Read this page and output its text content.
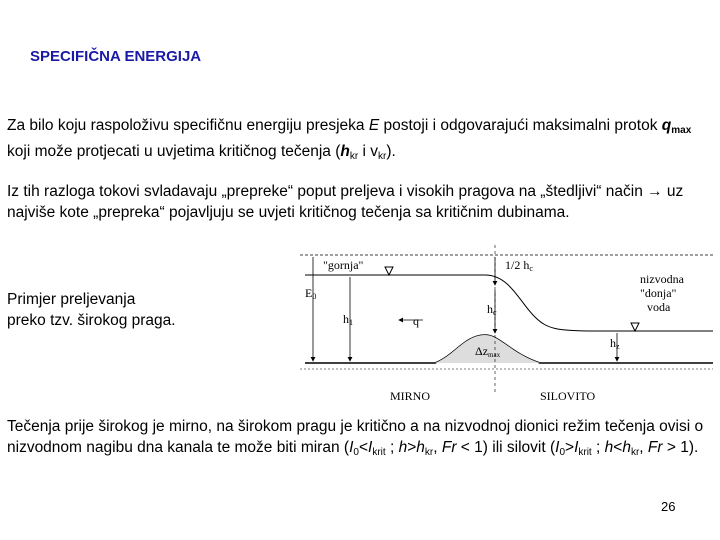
SPECIFIČNA ENERGIJA

Za bilo koju raspoloživu specifičnu energiju presjeka E postoji i odgovarajući maksimalni protok $q_{max}$ koji može protjecati u uvjetima kritičnog tečenja ($h_{kr}$ i $v_{kr}$).

Iz tih razloga tokovi svladavaju „prepreke“ poput preljeva i visokih pragova na „štedljivi“ način → uz najviše kote „prepreka“ pojavljuju se uvjeti kritičnog tečenja sa kritičnim dubinama.

Primjer preljevanja preko tzv. širokog praga.

"gornja"
E0
1/2 hc
nizvodna
"donja"
voda
h1	q
hc
hz
Δzmax
MIRNO	SILOVITO

Tečenja prije širokog je mirno, na širokom pragu je kritično a na nizvodnoj dionici režim tečenja ovisi o nizvodnom nagibu dna kanala te može biti miran ($I_0<I_{krit}$ ; $h>h_{kr}$, Fr < 1) ili silovit ($I_0>I_{krit}$ ; $h<h_{kr}$, Fr > 1).

26
